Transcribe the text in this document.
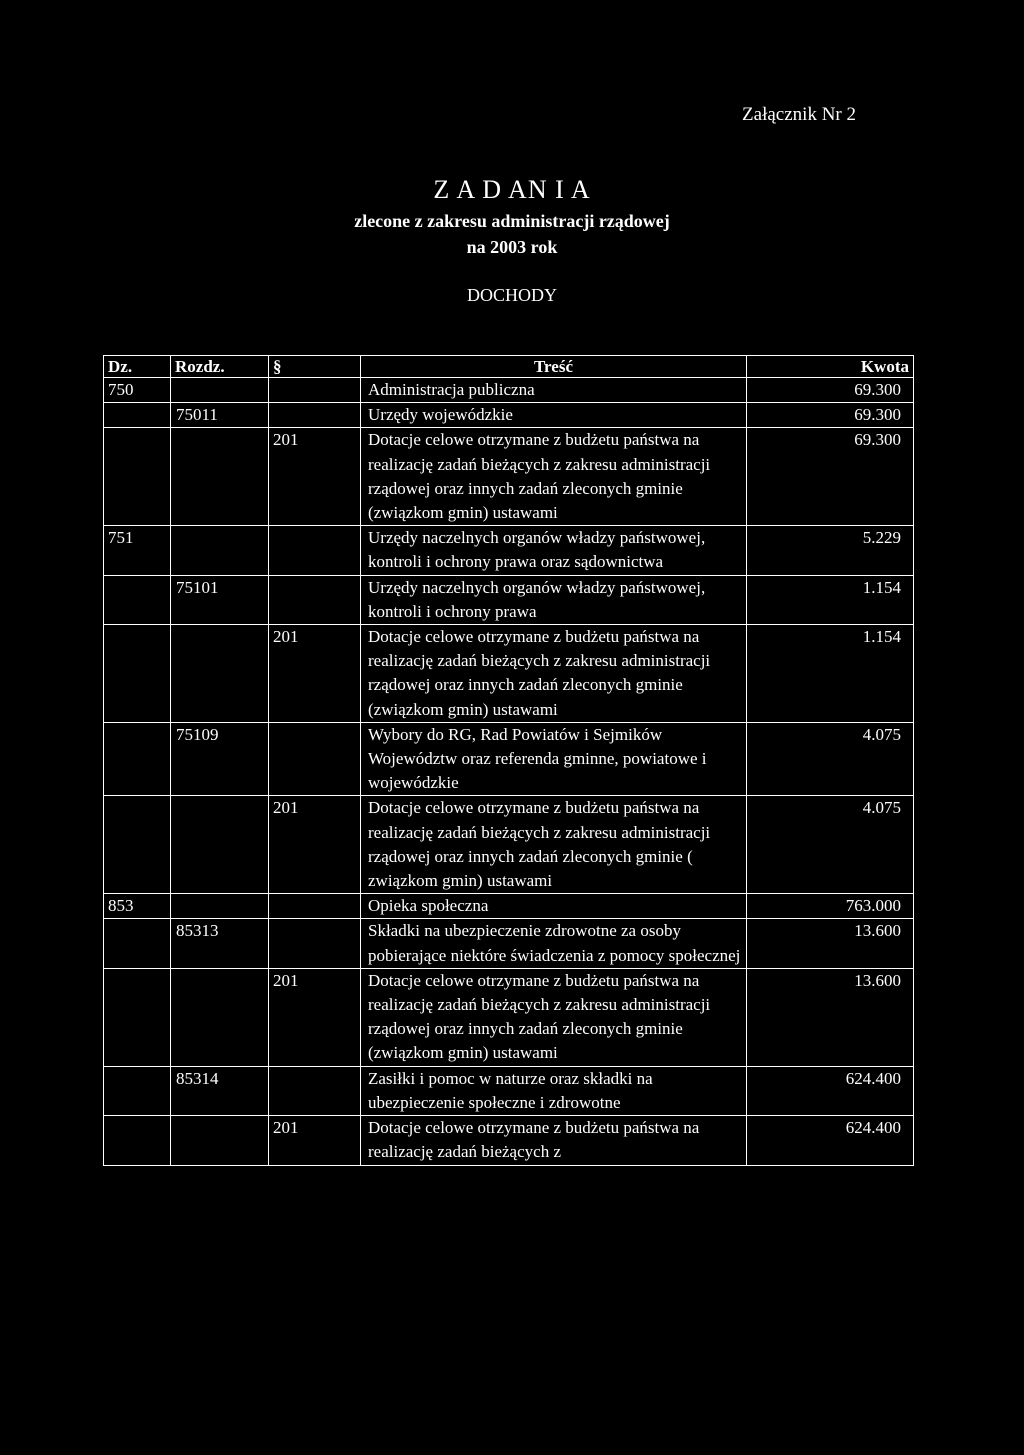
Załącznik Nr 2
Z A D AN I A
zlecone z zakresu administracji rządowej
na 2003 rok
DOCHODY
Dz.	Rozdz.	§	Treść	Kwota
750			Administracja publiczna	69.300
	75011		Urzędy wojewódzkie	69.300
		201	Dotacje celowe otrzymane z budżetu państwa na realizację zadań bieżących z zakresu administracji rządowej oraz innych zadań zleconych gminie (związkom gmin) ustawami	69.300
751			Urzędy naczelnych organów władzy państwowej, kontroli i ochrony prawa oraz sądownictwa	5.229
	75101		Urzędy naczelnych organów władzy państwowej, kontroli i ochrony prawa	1.154
		201	Dotacje celowe otrzymane z budżetu państwa na realizację zadań bieżących z zakresu administracji rządowej oraz innych zadań zleconych gminie (związkom gmin) ustawami	1.154
	75109		Wybory do RG, Rad Powiatów i Sejmików Województw oraz referenda gminne, powiatowe i wojewódzkie	4.075
		201	Dotacje celowe otrzymane z budżetu państwa na realizację zadań bieżących z zakresu administracji rządowej oraz innych zadań zleconych gminie ( związkom gmin) ustawami	4.075
853			Opieka społeczna	763.000
	85313		Składki na ubezpieczenie zdrowotne za osoby pobierające niektóre świadczenia z pomocy społecznej	13.600
		201	Dotacje celowe otrzymane z budżetu państwa na realizację zadań bieżących z zakresu administracji rządowej oraz innych zadań zleconych gminie (związkom gmin) ustawami	13.600
	85314		Zasiłki i pomoc w naturze oraz składki na ubezpieczenie społeczne i zdrowotne	624.400
		201	Dotacje celowe otrzymane z budżetu państwa na realizację zadań bieżących z	624.400
